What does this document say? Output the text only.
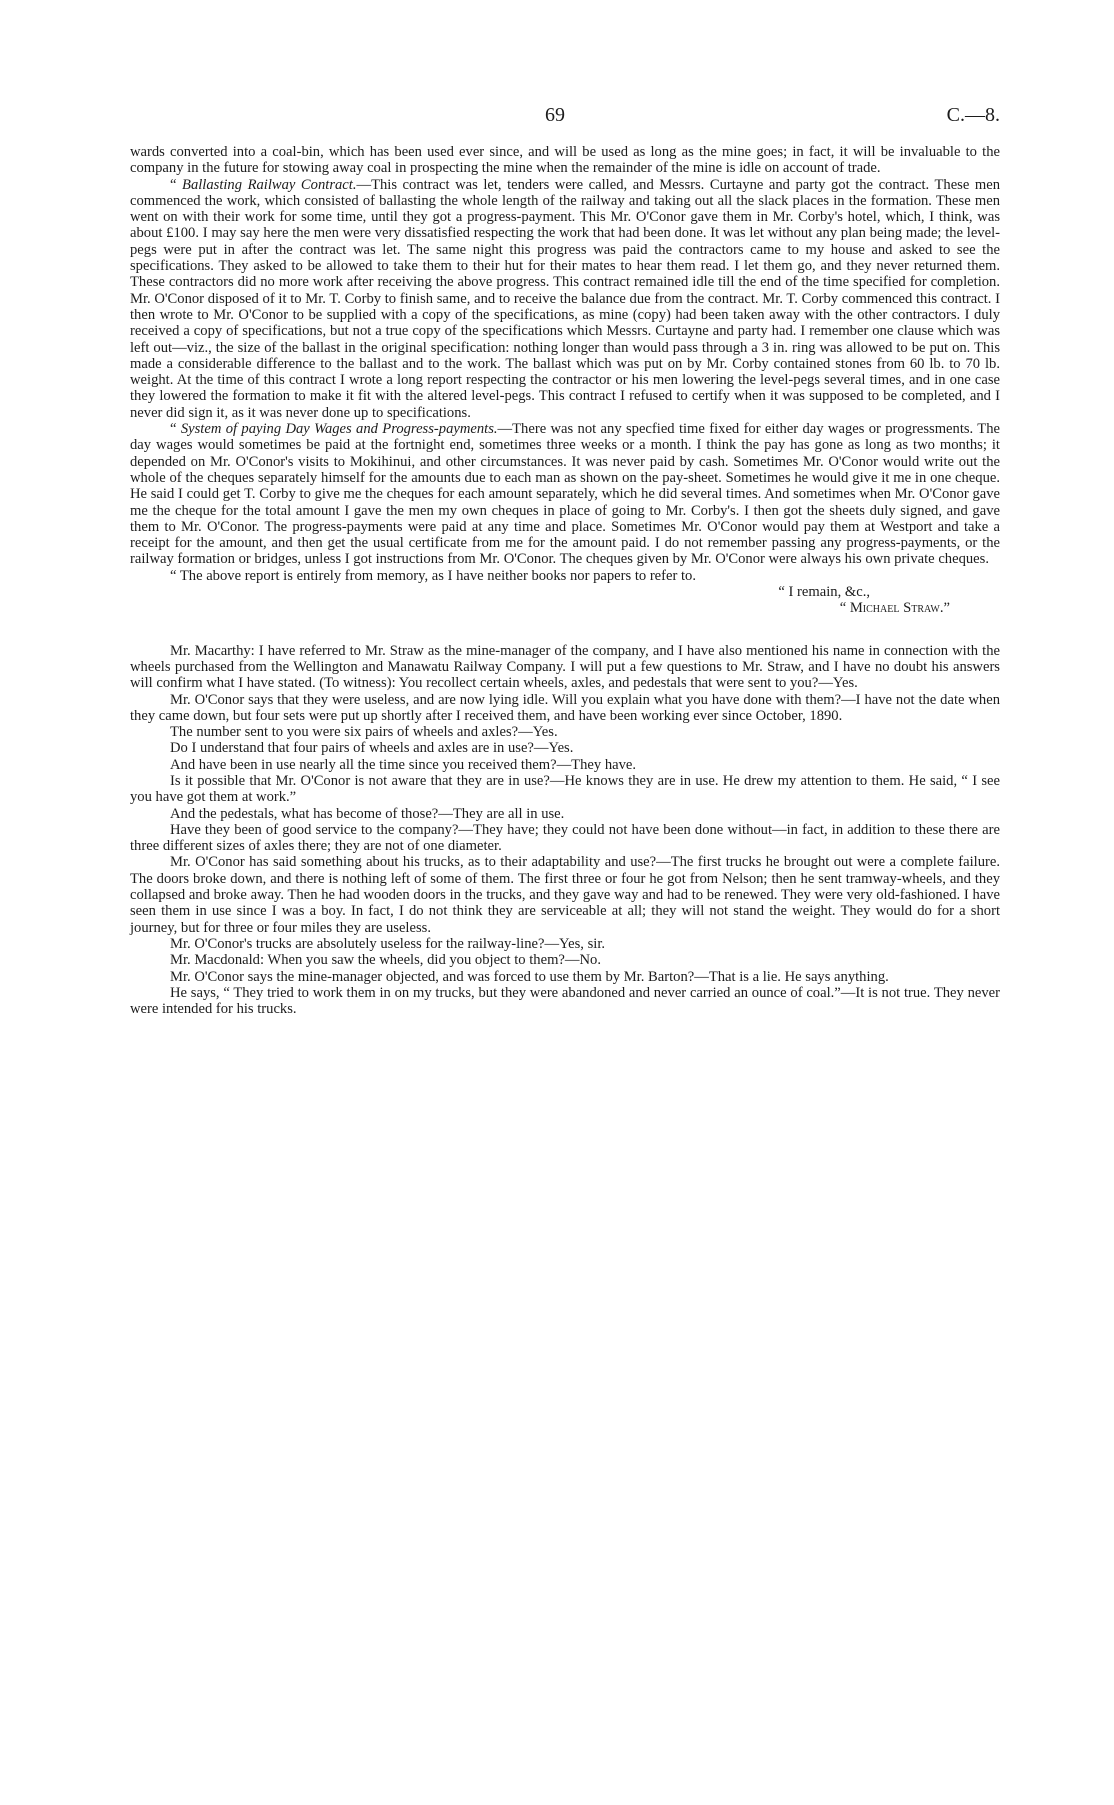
69	C.—8.

wards converted into a coal-bin, which has been used ever since, and will be used as long as the mine goes; in fact, it will be invaluable to the company in the future for stowing away coal in prospecting the mine when the remainder of the mine is idle on account of trade.

“ Ballasting Railway Contract.—This contract was let, tenders were called, and Messrs. Curtayne and party got the contract. These men commenced the work, which consisted of ballasting the whole length of the railway and taking out all the slack places in the formation. These men went on with their work for some time, until they got a progress-payment. This Mr. O'Conor gave them in Mr. Corby's hotel, which, I think, was about £100. I may say here the men were very dissatisfied respecting the work that had been done. It was let without any plan being made; the level-pegs were put in after the contract was let. The same night this progress was paid the contractors came to my house and asked to see the specifications. They asked to be allowed to take them to their hut for their mates to hear them read. I let them go, and they never returned them. These contractors did no more work after receiving the above progress. This contract remained idle till the end of the time specified for completion. Mr. O'Conor disposed of it to Mr. T. Corby to finish same, and to receive the balance due from the contract. Mr. T. Corby commenced this contract. I then wrote to Mr. O'Conor to be supplied with a copy of the specifications, as mine (copy) had been taken away with the other contractors. I duly received a copy of specifications, but not a true copy of the specifications which Messrs. Curtayne and party had. I remember one clause which was left out—viz., the size of the ballast in the original specification: nothing longer than would pass through a 3 in. ring was allowed to be put on. This made a considerable difference to the ballast and to the work. The ballast which was put on by Mr. Corby contained stones from 60 lb. to 70 lb. weight. At the time of this contract I wrote a long report respecting the contractor or his men lowering the level-pegs several times, and in one case they lowered the formation to make it fit with the altered level-pegs. This contract I refused to certify when it was supposed to be completed, and I never did sign it, as it was never done up to specifications.

“ System of paying Day Wages and Progress-payments.—There was not any specfied time fixed for either day wages or progressments. The day wages would sometimes be paid at the fortnight end, sometimes three weeks or a month. I think the pay has gone as long as two months; it depended on Mr. O'Conor's visits to Mokihinui, and other circumstances. It was never paid by cash. Sometimes Mr. O'Conor would write out the whole of the cheques separately himself for the amounts due to each man as shown on the pay-sheet. Sometimes he would give it me in one cheque. He said I could get T. Corby to give me the cheques for each amount separately, which he did several times. And sometimes when Mr. O'Conor gave me the cheque for the total amount I gave the men my own cheques in place of going to Mr. Corby's. I then got the sheets duly signed, and gave them to Mr. O'Conor. The progress-payments were paid at any time and place. Sometimes Mr. O'Conor would pay them at Westport and take a receipt for the amount, and then get the usual certificate from me for the amount paid. I do not remember passing any progress-payments, or the railway formation or bridges, unless I got instructions from Mr. O'Conor. The cheques given by Mr. O'Conor were always his own private cheques.

“ The above report is entirely from memory, as I have neither books nor papers to refer to.

“ I remain, &c.,

“ Michael Straw.”

Mr. Macarthy: I have referred to Mr. Straw as the mine-manager of the company, and I have also mentioned his name in connection with the wheels purchased from the Wellington and Manawatu Railway Company. I will put a few questions to Mr. Straw, and I have no doubt his answers will confirm what I have stated. (To witness): You recollect certain wheels, axles, and pedestals that were sent to you?—Yes.

Mr. O'Conor says that they were useless, and are now lying idle. Will you explain what you have done with them?—I have not the date when they came down, but four sets were put up shortly after I received them, and have been working ever since October, 1890.

The number sent to you were six pairs of wheels and axles?—Yes.

Do I understand that four pairs of wheels and axles are in use?—Yes.

And have been in use nearly all the time since you received them?—They have.

Is it possible that Mr. O'Conor is not aware that they are in use?—He knows they are in use. He drew my attention to them. He said, “ I see you have got them at work.”

And the pedestals, what has become of those?—They are all in use.

Have they been of good service to the company?—They have; they could not have been done without—in fact, in addition to these there are three different sizes of axles there; they are not of one diameter.

Mr. O'Conor has said something about his trucks, as to their adaptability and use?—The first trucks he brought out were a complete failure. The doors broke down, and there is nothing left of some of them. The first three or four he got from Nelson; then he sent tramway-wheels, and they collapsed and broke away. Then he had wooden doors in the trucks, and they gave way and had to be renewed. They were very old-fashioned. I have seen them in use since I was a boy. In fact, I do not think they are serviceable at all; they will not stand the weight. They would do for a short journey, but for three or four miles they are useless.

Mr. O'Conor's trucks are absolutely useless for the railway-line?—Yes, sir.

Mr. Macdonald: When you saw the wheels, did you object to them?—No.

Mr. O'Conor says the mine-manager objected, and was forced to use them by Mr. Barton?—That is a lie. He says anything.

He says, “ They tried to work them in on my trucks, but they were abandoned and never carried an ounce of coal.”—It is not true. They never were intended for his trucks.
